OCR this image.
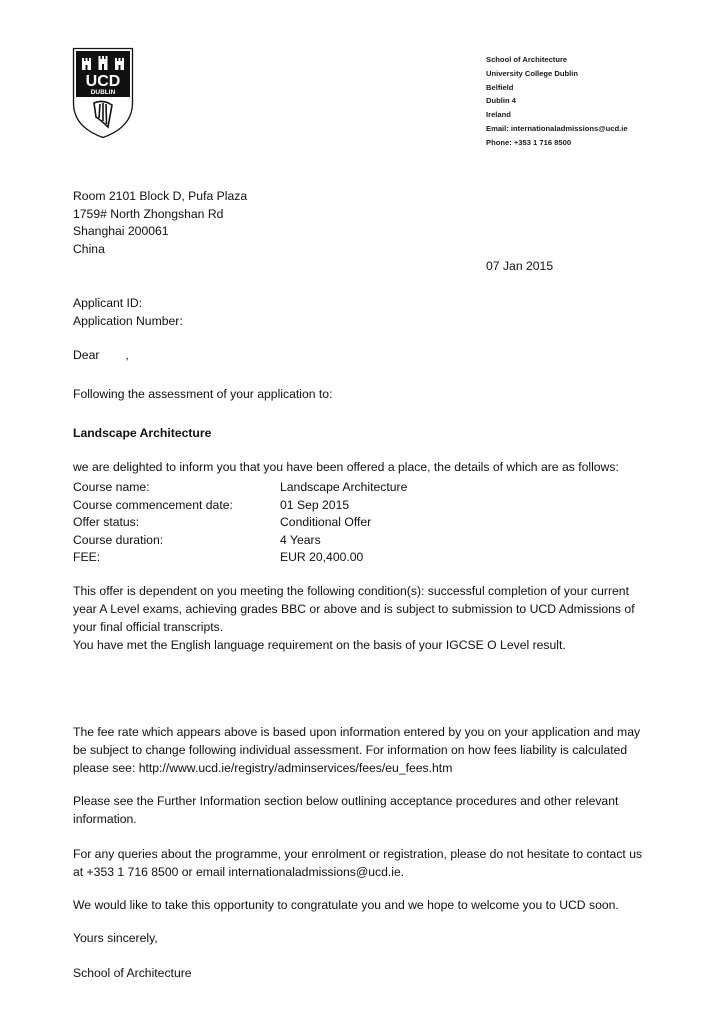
UCD
DUBLIN
School of Architecture
University College Dublin
Belfield
Dublin 4
Ireland
Email: internationaladmissions@ucd.ie
Phone: +353 1 716 8500
Room 2101 Block D, Pufa Plaza
1759# North Zhongshan Rd
Shanghai 200061
China
07 Jan 2015
Applicant ID:
Application Number:
Dear ,
Following the assessment of your application to:
Landscape Architecture
we are delighted to inform you that you have been offered a place, the details of which are as follows:
Course name:	Landscape Architecture
Course commencement date:	01 Sep 2015
Offer status:	Conditional Offer
Course duration:	4 Years
FEE:	EUR 20,400.00
This offer is dependent on you meeting the following condition(s): successful completion of your current year A Level exams, achieving grades BBC or above and is subject to submission to UCD Admissions of your final official transcripts.
You have met the English language requirement on the basis of your IGCSE O Level result.
The fee rate which appears above is based upon information entered by you on your application and may be subject to change following individual assessment. For information on how fees liability is calculated please see: http://www.ucd.ie/registry/adminservices/fees/eu_fees.htm
Please see the Further Information section below outlining acceptance procedures and other relevant information.
For any queries about the programme, your enrolment or registration, please do not hesitate to contact us at +353 1 716 8500 or email internationaladmissions@ucd.ie.
We would like to take this opportunity to congratulate you and we hope to welcome you to UCD soon.
Yours sincerely,
School of Architecture
